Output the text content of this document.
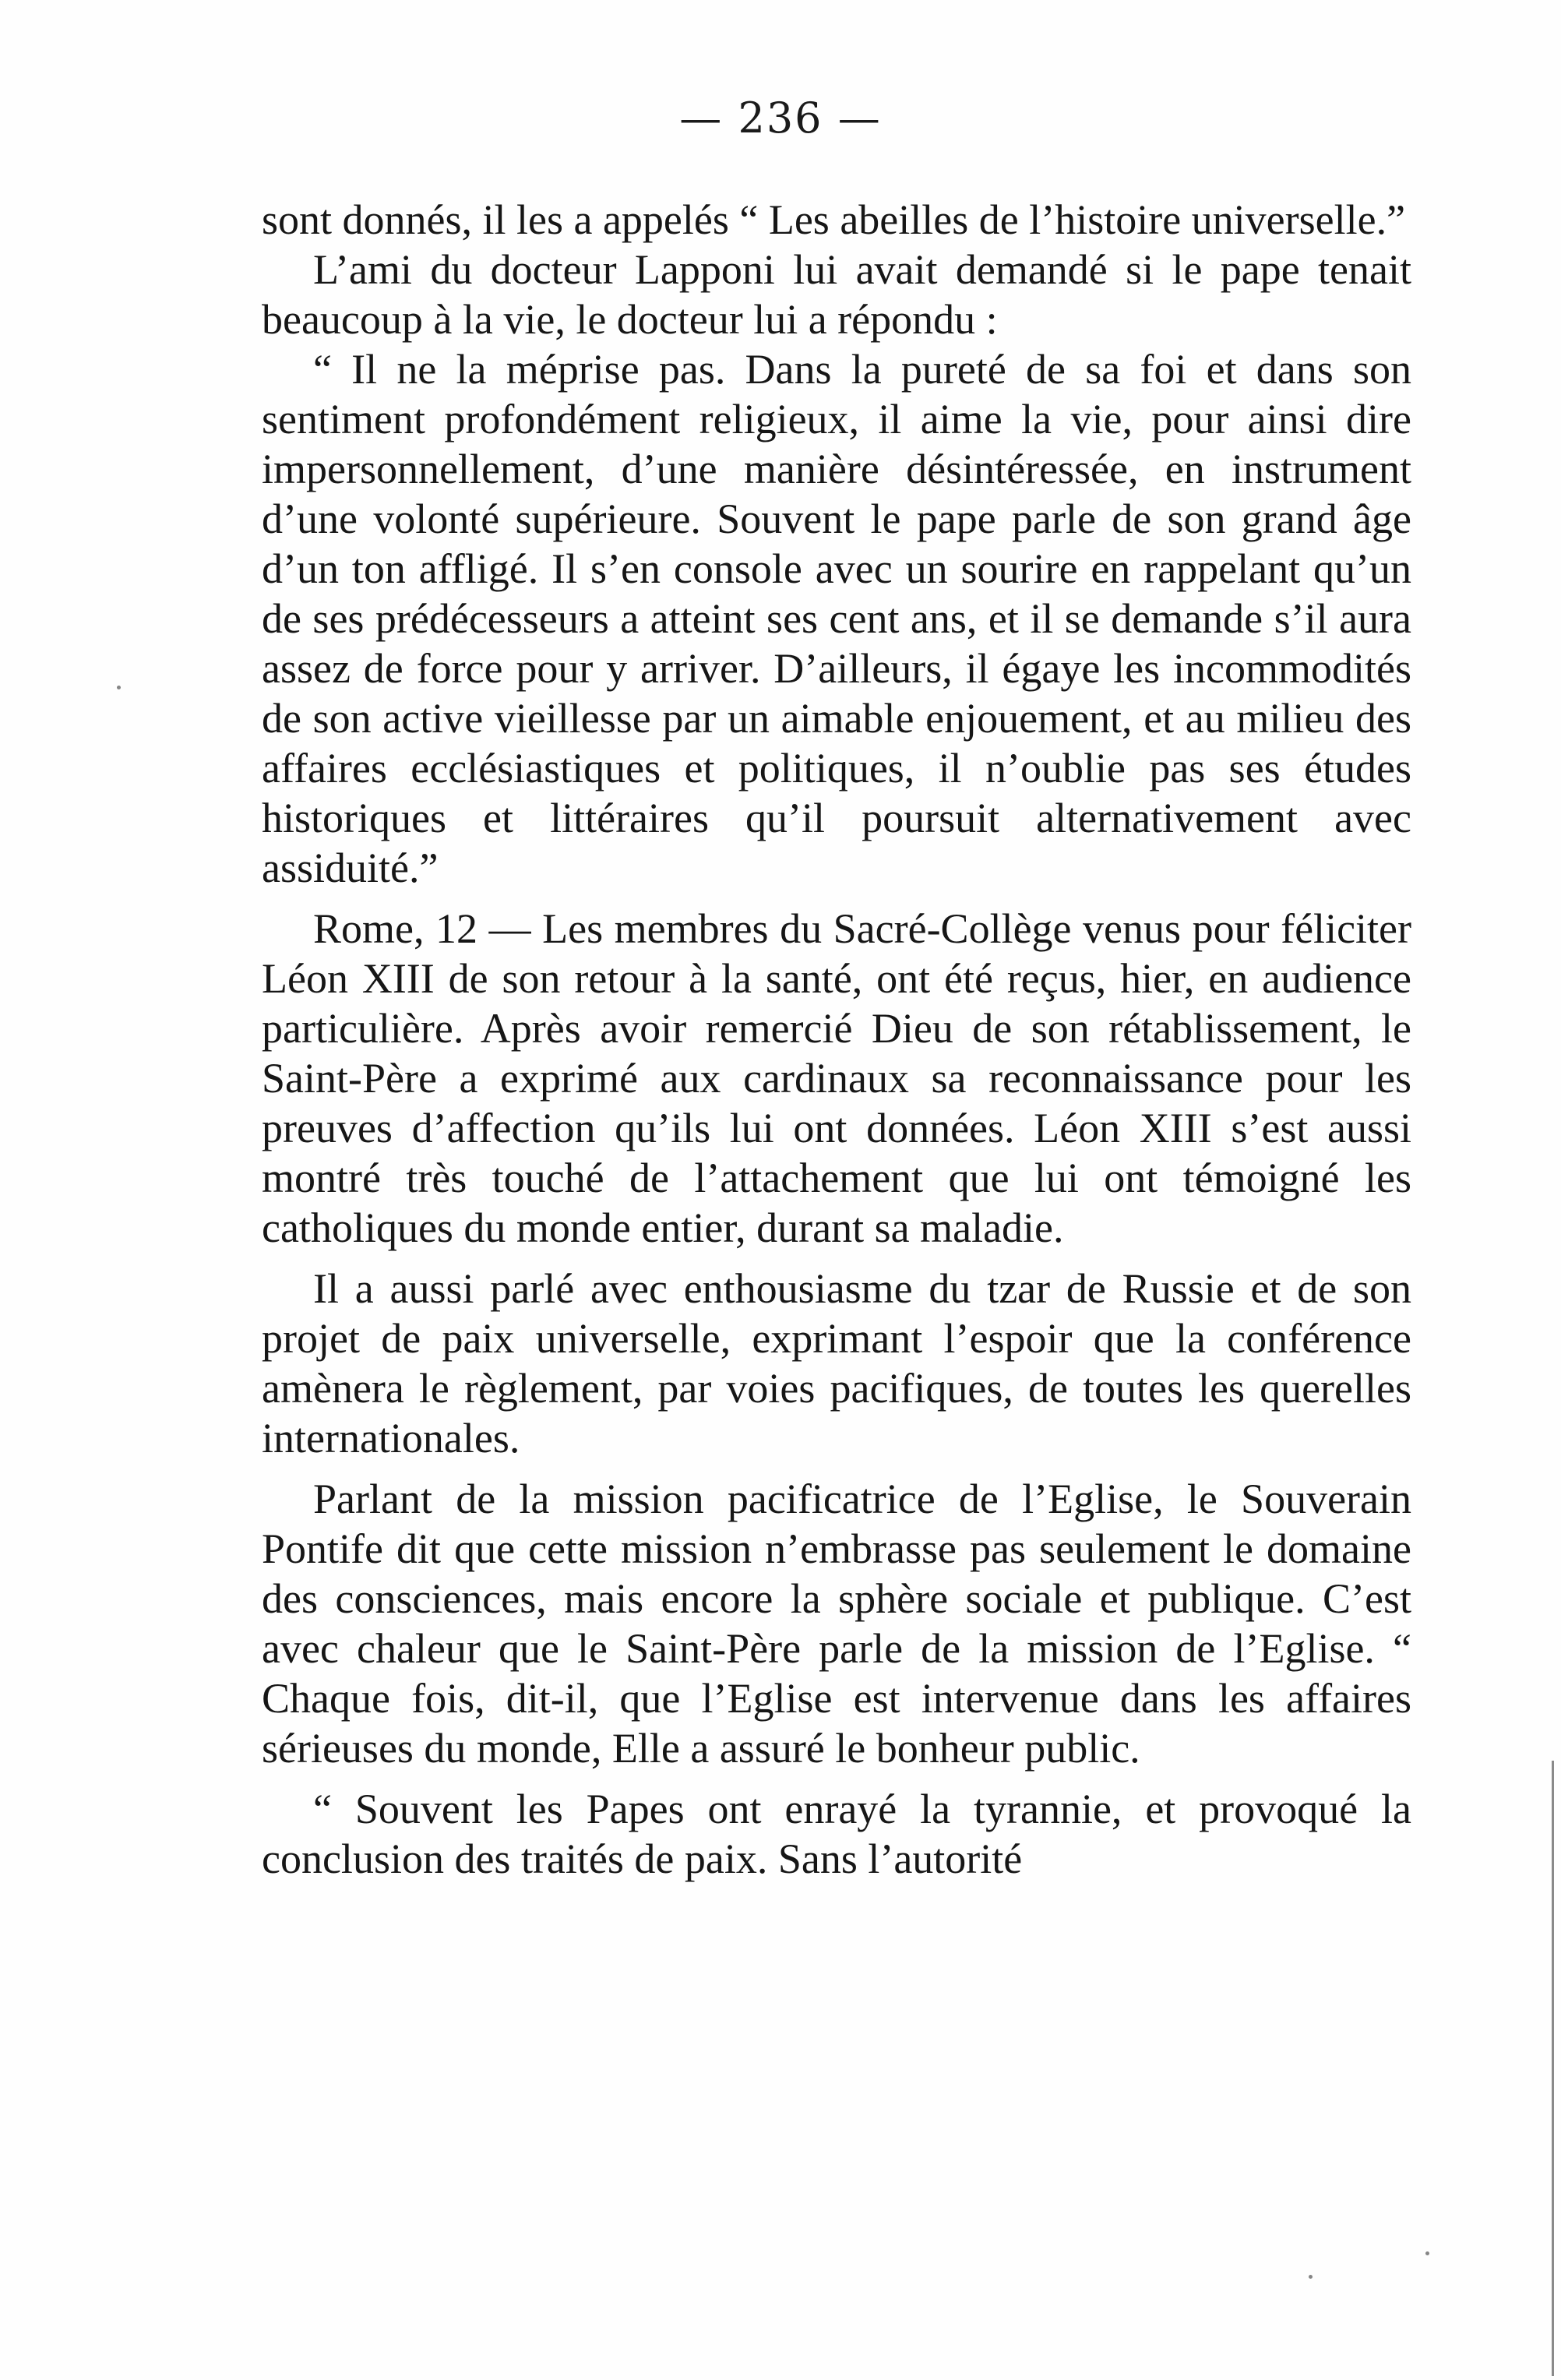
— 236 —

sont donnés, il les a appelés “ Les abeilles de l’histoire universelle.”

L’ami du docteur Lapponi lui avait demandé si le pape tenait beaucoup à la vie, le docteur lui a répondu :

“ Il ne la méprise pas. Dans la pureté de sa foi et dans son sentiment profondément religieux, il aime la vie, pour ainsi dire impersonnellement, d’une manière désintéressée, en instrument d’une volonté supérieure. Souvent le pape parle de son grand âge d’un ton affligé. Il s’en console avec un sourire en rappelant qu’un de ses prédécesseurs a atteint ses cent ans, et il se demande s’il aura assez de force pour y arriver. D’ailleurs, il égaye les incommodités de son active vieillesse par un aimable enjouement, et au milieu des affaires ecclésiastiques et politiques, il n’oublie pas ses études historiques et littéraires qu’il poursuit alternativement avec assiduité.”

Rome, 12 — Les membres du Sacré-Collège venus pour féliciter Léon XIII de son retour à la santé, ont été reçus, hier, en audience particulière. Après avoir remercié Dieu de son rétablissement, le Saint-Père a exprimé aux cardinaux sa reconnaissance pour les preuves d’affection qu’ils lui ont données. Léon XIII s’est aussi montré très touché de l’attachement que lui ont témoigné les catholiques du monde entier, durant sa maladie.

Il a aussi parlé avec enthousiasme du tzar de Russie et de son projet de paix universelle, exprimant l’espoir que la conférence amènera le règlement, par voies pacifiques, de toutes les querelles internationales.

Parlant de la mission pacificatrice de l’Eglise, le Souverain Pontife dit que cette mission n’embrasse pas seulement le domaine des consciences, mais encore la sphère sociale et publique. C’est avec chaleur que le Saint-Père parle de la mission de l’Eglise. “ Chaque fois, dit-il, que l’Eglise est intervenue dans les affaires sérieuses du monde, Elle a assuré le bonheur public.

“ Souvent les Papes ont enrayé la tyrannie, et provoqué la conclusion des traités de paix. Sans l’autorité
